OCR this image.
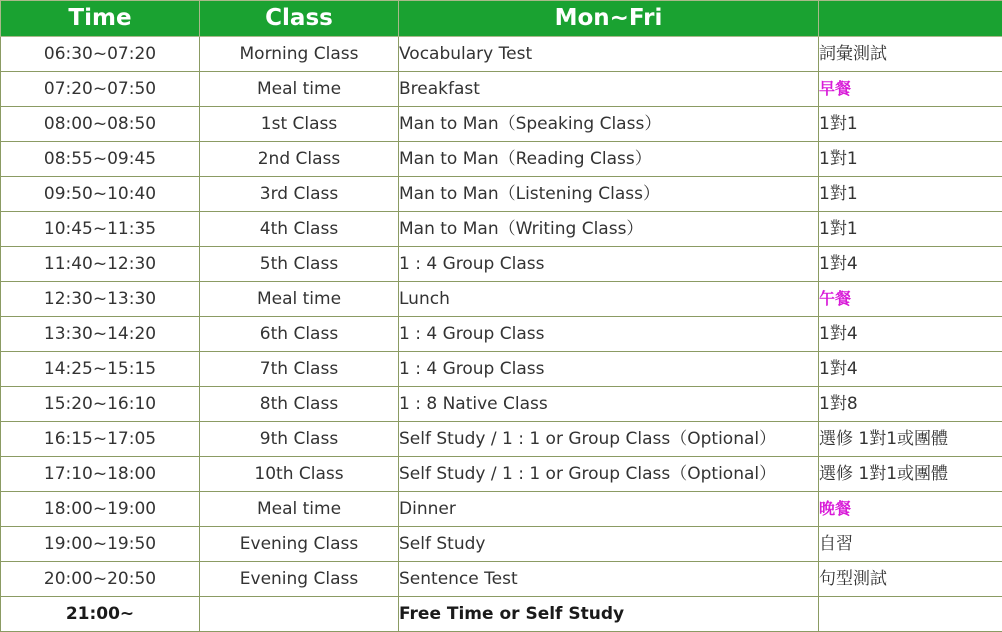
Time	Class	Mon~Fri	
06:30~07:20	Morning Class	Vocabulary Test	詞彙測試
07:20~07:50	Meal time	Breakfast	早餐
08:00~08:50	1st Class	Man to Man（Speaking Class）	1對1
08:55~09:45	2nd Class	Man to Man（Reading Class）	1對1
09:50~10:40	3rd Class	Man to Man（Listening Class）	1對1
10:45~11:35	4th Class	Man to Man（Writing Class）	1對1
11:40~12:30	5th Class	1 : 4 Group Class	1對4
12:30~13:30	Meal time	Lunch	午餐
13:30~14:20	6th Class	1 : 4 Group Class	1對4
14:25~15:15	7th Class	1 : 4 Group Class	1對4
15:20~16:10	8th Class	1 : 8 Native Class	1對8
16:15~17:05	9th Class	Self Study / 1 : 1 or Group Class（Optional）	選修 1對1或團體
17:10~18:00	10th Class	Self Study / 1 : 1 or Group Class（Optional）	選修 1對1或團體
18:00~19:00	Meal time	Dinner	晚餐
19:00~19:50	Evening Class	Self Study	自習
20:00~20:50	Evening Class	Sentence Test	句型測試
21:00~		Free Time or Self Study	
